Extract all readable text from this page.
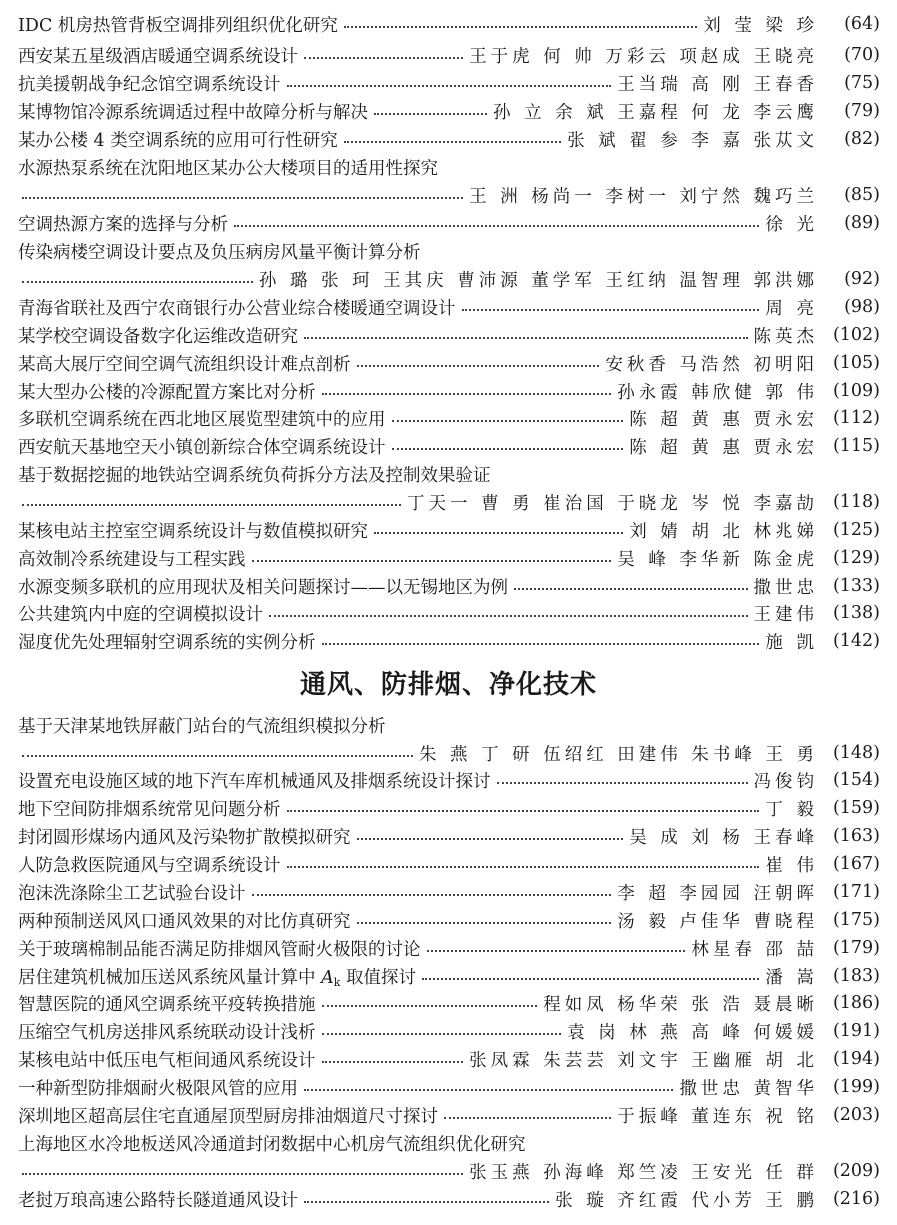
IDC 机房热管背板空调排列组织优化研究	刘 莹 梁 珍	(64)
西安某五星级酒店暖通空调系统设计	王于虎 何 帅 万彩云 项赵成 王晓亮	(70)
抗美援朝战争纪念馆空调系统设计	王当瑞 高 刚 王春香	(75)
某博物馆冷源系统调适过程中故障分析与解决	孙 立 余 斌 王嘉程 何 龙 李云鹰	(79)
某办公楼 4 类空调系统的应用可行性研究	张 斌 翟 参 李 嘉 张苁文	(82)
水源热泵系统在沈阳地区某办公大楼项目的适用性探究
王 洲 杨尚一 李树一 刘宁然 魏巧兰	(85)
空调热源方案的选择与分析	徐 光	(89)
传染病楼空调设计要点及负压病房风量平衡计算分析
孙 璐 张 珂 王其庆 曹沛源 董学军 王红纳 温智理 郭洪娜	(92)
青海省联社及西宁农商银行办公营业综合楼暖通空调设计	周 亮	(98)
某学校空调设备数字化运维改造研究	陈英杰 (102)
某高大展厅空间空调气流组织设计难点剖析	安秋香 马浩然 初明阳 (105)
某大型办公楼的冷源配置方案比对分析	孙永霞 韩欣健 郭 伟 (109)
多联机空调系统在西北地区展览型建筑中的应用	陈 超 黄 惠 贾永宏 (112)
西安航天基地空天小镇创新综合体空调系统设计	陈 超 黄 惠 贾永宏 (115)
基于数据挖掘的地铁站空调系统负荷拆分方法及控制效果验证
丁天一 曹 勇 崔治国 于晓龙 岑 悦 李嘉劼 (118)
某核电站主控室空调系统设计与数值模拟研究	刘 婧 胡 北 林兆娣 (125)
高效制冷系统建设与工程实践	吴 峰 李华新 陈金虎 (129)
水源变频多联机的应用现状及相关问题探讨——以无锡地区为例	撒世忠 (133)
公共建筑内中庭的空调模拟设计	王建伟 (138)
湿度优先处理辐射空调系统的实例分析	施 凯 (142)
通风、防排烟、净化技术
基于天津某地铁屏蔽门站台的气流组织模拟分析
朱 燕 丁 研 伍绍红 田建伟 朱书峰 王 勇 (148)
设置充电设施区域的地下汽车库机械通风及排烟系统设计探讨	冯俊钧 (154)
地下空间防排烟系统常见问题分析	丁 毅 (159)
封闭圆形煤场内通风及污染物扩散模拟研究	吴 成 刘 杨 王春峰 (163)
人防急救医院通风与空调系统设计	崔 伟 (167)
泡沫洗涤除尘工艺试验台设计	李 超 李园园 汪朝晖 (171)
两种预制送风风口通风效果的对比仿真研究	汤 毅 卢佳华 曹晓程 (175)
关于玻璃棉制品能否满足防排烟风管耐火极限的讨论	林星春 邵 喆 (179)
居住建筑机械加压送风系统风量计算中 $A_k$ 取值探讨	潘 嵩 (183)
智慧医院的通风空调系统平疫转换措施	程如凤 杨华荣 张 浩 聂晨晰 (186)
压缩空气机房送排风系统联动设计浅析	袁 岗 林 燕 高 峰 何媛媛 (191)
某核电站中低压电气柜间通风系统设计	张凤霖 朱芸芸 刘文宇 王幽雁 胡 北 (194)
一种新型防排烟耐火极限风管的应用	撒世忠 黄智华 (199)
深圳地区超高层住宅直通屋顶型厨房排油烟道尺寸探讨	于振峰 董连东 祝 铭 (203)
上海地区水冷地板送风冷通道封闭数据中心机房气流组织优化研究
张玉燕 孙海峰 郑竺凌 王安光 任 群 (209)
老挝万琅高速公路特长隧道通风设计	张 璇 齐红霞 代小芳 王 鹏 (216)
